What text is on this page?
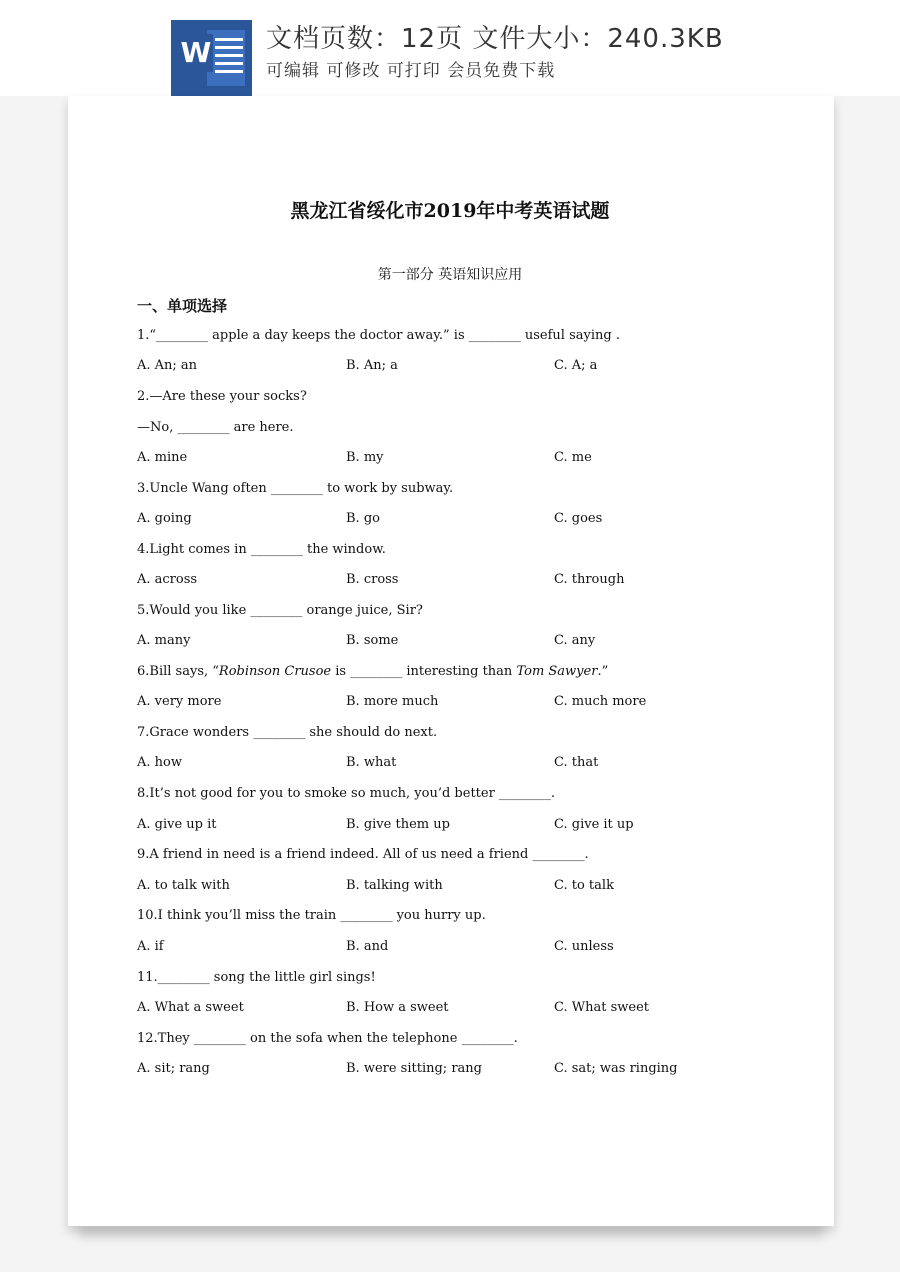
W 文档页数：12页 文件大小：240.3KB
可编辑 可修改 可打印 会员免费下载
黑龙江省绥化市2019年中考英语试题
第一部分 英语知识应用
一、单项选择
1.“________ apple a day keeps the doctor away.” is ________ useful saying .
A. An; an	B. An; a	C. A; a
2.—Are these your socks?
—No, ________ are here.
A. mine	B. my	C. me
3.Uncle Wang often ________ to work by subway.
A. going	B. go	C. goes
4.Light comes in ________ the window.
A. across	B. cross	C. through
5.Would you like ________ orange juice, Sir?
A. many	B. some	C. any
6.Bill says, “Robinson Crusoe is ________ interesting than Tom Sawyer.”
A. very more	B. more much	C. much more
7.Grace wonders ________ she should do next.
A. how	B. what	C. that
8.It’s not good for you to smoke so much, you’d better ________.
A. give up it	B. give them up	C. give it up
9.A friend in need is a friend indeed. All of us need a friend ________.
A. to talk with	B. talking with	C. to talk
10.I think you’ll miss the train ________ you hurry up.
A. if	B. and	C. unless
11.________ song the little girl sings!
A. What a sweet	B. How a sweet	C. What sweet
12.They ________ on the sofa when the telephone ________.
A. sit; rang	B. were sitting; rang	C. sat; was ringing
